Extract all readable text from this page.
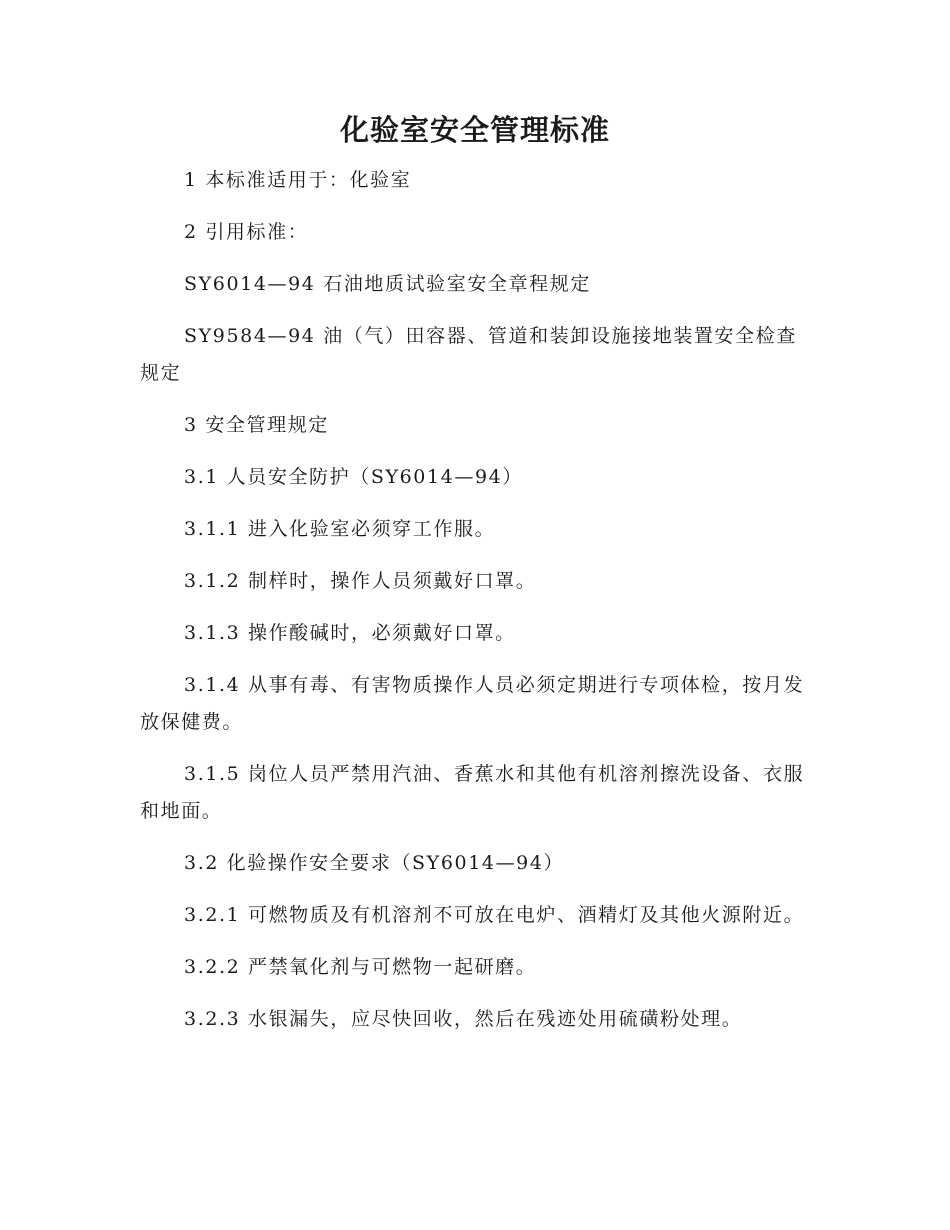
化验室安全管理标准

1 本标准适用于：化验室

2 引用标准：

SY6014—94 石油地质试验室安全章程规定

SY9584—94 油（气）田容器、管道和装卸设施接地装置安全检查规定

3 安全管理规定

3.1 人员安全防护（SY6014—94）

3.1.1 进入化验室必须穿工作服。

3.1.2 制样时，操作人员须戴好口罩。

3.1.3 操作酸碱时，必须戴好口罩。

3.1.4 从事有毒、有害物质操作人员必须定期进行专项体检，按月发放保健费。

3.1.5 岗位人员严禁用汽油、香蕉水和其他有机溶剂擦洗设备、衣服和地面。

3.2 化验操作安全要求（SY6014—94）

3.2.1 可燃物质及有机溶剂不可放在电炉、酒精灯及其他火源附近。

3.2.2 严禁氧化剂与可燃物一起研磨。

3.2.3 水银漏失，应尽快回收，然后在残迹处用硫磺粉处理。
